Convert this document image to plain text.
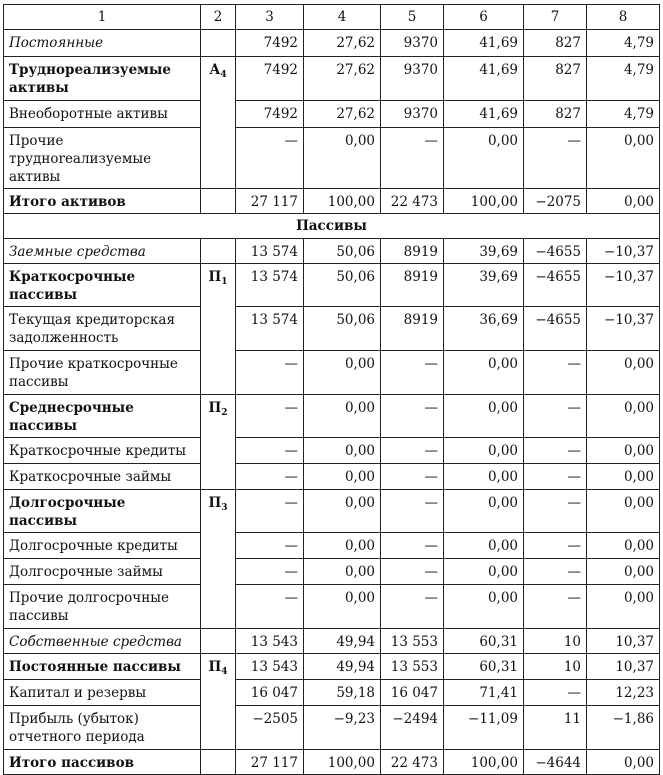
1	2	3	4	5	6	7	8
Постоянные		7492	27,62	9370	41,69	827	4,79
Труднореализуемые активы	$А_4$	7492	27,62	9370	41,69	827	4,79
Внеоборотные активы		7492	27,62	9370	41,69	827	4,79
Прочие трудноreализуемые активы		—	0,00	—	0,00	—	0,00
Итого активов		27 117	100,00	22 473	100,00	−2075	0,00
Пассивы							
Заемные средства		13 574	50,06	8919	39,69	−4655	−10,37
Краткосрочные пассивы	$П_1$	13 574	50,06	8919	39,69	−4655	−10,37
Текущая кредиторская задолженность		13 574	50,06	8919	36,69	−4655	−10,37
Прочие краткосрочные пассивы		—	0,00	—	0,00	—	0,00
Среднесрочные пассивы	$П_2$	—	0,00	—	0,00	—	0,00
Краткосрочные кредиты		—	0,00	—	0,00	—	0,00
Краткосрочные займы		—	0,00	—	0,00	—	0,00
Долгосрочные пассивы	$П_3$	—	0,00	—	0,00	—	0,00
Долгосрочные кредиты		—	0,00	—	0,00	—	0,00
Долгосрочные займы		—	0,00	—	0,00	—	0,00
Прочие долгосрочные пассивы		—	0,00	—	0,00	—	0,00
Собственные средства		13 543	49,94	13 553	60,31	10	10,37
Постоянные пассивы	$П_4$	13 543	49,94	13 553	60,31	10	10,37
Капитал и резервы		16 047	59,18	16 047	71,41	—	12,23
Прибыль (убыток) отчетного периода		−2505	−9,23	−2494	−11,09	11	−1,86
Итого пассивов		27 117	100,00	22 473	100,00	−4644	0,00
